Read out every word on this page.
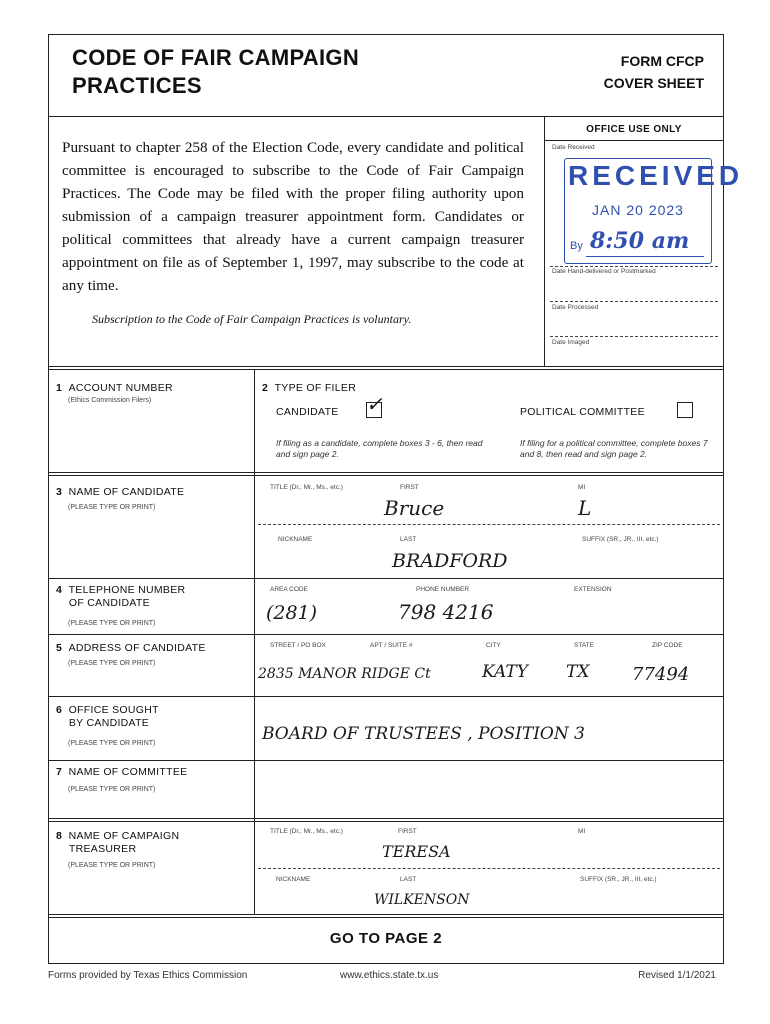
CODE OF FAIR CAMPAIGN
PRACTICES
FORM CFCP
COVER SHEET
Pursuant to chapter 258 of the Election Code, every candidate and political committee is encouraged to subscribe to the Code of Fair Campaign Practices. The Code may be filed with the proper filing authority upon submission of a campaign treasurer appointment form. Candidates or political committees that already have a current campaign treasurer appointment on file as of September 1, 1997, may subscribe to the code at any time.
Subscription to the Code of Fair Campaign Practices is voluntary.
OFFICE USE ONLY
Date Received
RECEIVED
JAN 20 2023
By 8:50 am
Date Hand-delivered or Postmarked
Date Processed
Date Imaged
1 ACCOUNT NUMBER
(Ethics Commission Filers)
2 TYPE OF FILER
CANDIDATE ✓	POLITICAL COMMITTEE
If filing as a candidate, complete boxes 3 - 6, then read and sign page 2.
If filing for a political committee, complete boxes 7 and 8, then read and sign page 2.
3 NAME OF CANDIDATE
(PLEASE TYPE OR PRINT)
TITLE (Dr., Mr., Ms., etc.)	FIRST	MI
Bruce	L
NICKNAME	LAST	SUFFIX (SR., JR., III, etc.)
BRADFORD
4 TELEPHONE NUMBER
OF CANDIDATE
(PLEASE TYPE OR PRINT)
AREA CODE	PHONE NUMBER	EXTENSION
(281)	798 4216
5 ADDRESS OF CANDIDATE
(PLEASE TYPE OR PRINT)
STREET / PO BOX	APT / SUITE #	CITY	STATE	ZIP CODE
2835 MANOR RIDGE Ct	KATY TX 77494
6 OFFICE SOUGHT
BY CANDIDATE
(PLEASE TYPE OR PRINT)	BOARD OF TRUSTEES , POSITION 3
7 NAME OF COMMITTEE
(PLEASE TYPE OR PRINT)
8 NAME OF CAMPAIGN
TREASURER
(PLEASE TYPE OR PRINT)
TITLE (Dr., Mr., Ms., etc.)	FIRST	MI
TERESA
NICKNAME	LAST	SUFFIX (SR., JR., III, etc.)
WILKENSON
GO TO PAGE 2
Forms provided by Texas Ethics Commission	www.ethics.state.tx.us	Revised 1/1/2021
